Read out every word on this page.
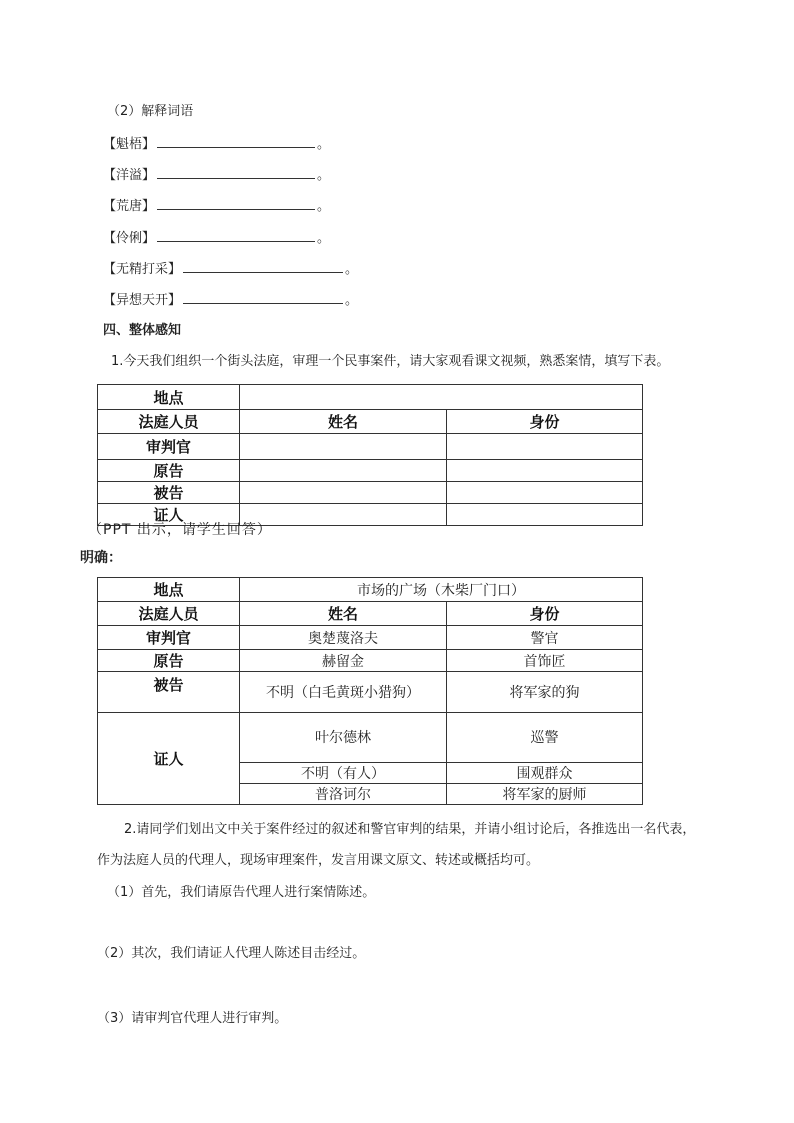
（2）解释词语
【魁梧】	。
【洋溢】	。
【荒唐】	。
【伶俐】	。
【无精打采】	。
【异想天开】	。
四、整体感知
1.今天我们组织一个街头法庭，审理一个民事案件，请大家观看课文视频，熟悉案情，填写下表。
地点		
法庭人员	姓名	身份
审判官		
原告		
被告		
证人		
（PPT 出示，请学生回答）
明确：
地点	市场的广场（木柴厂门口）	
法庭人员	姓名	身份
审判官	奥楚蔑洛夫	警官
原告	赫留金	首饰匠
被告	不明（白毛黄斑小猎狗）	将军家的狗
证人	叶尔德林	巡警
	不明（有人）	围观群众
	普洛诃尔	将军家的厨师
2.请同学们划出文中关于案件经过的叙述和警官审判的结果，并请小组讨论后，各推选出一名代表，
作为法庭人员的代理人，现场审理案件，发言用课文原文、转述或概括均可。
（1）首先，我们请原告代理人进行案情陈述。
（2）其次，我们请证人代理人陈述目击经过。
（3）请审判官代理人进行审判。
